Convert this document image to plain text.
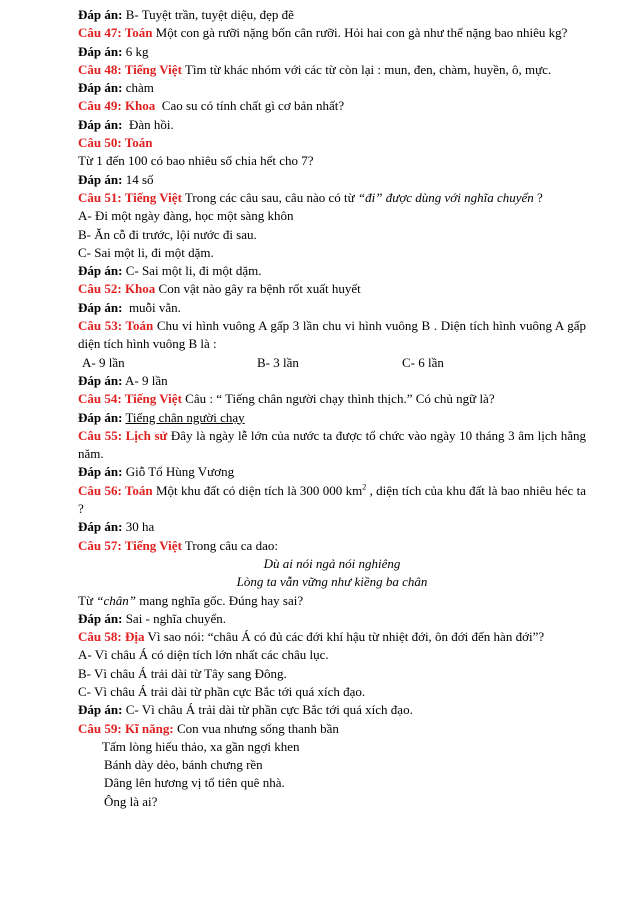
Đáp án: B- Tuyệt trần, tuyệt diệu, đẹp đẽ

Câu 47: Toán Một con gà rưỡi nặng bốn cân rưỡi. Hỏi hai con gà như thế nặng bao nhiêu kg?

Đáp án: 6 kg

Câu 48: Tiếng Việt Tìm từ khác nhóm với các từ còn lại : mun, đen, chàm, huyền, ô, mực.

Đáp án: chàm

Câu 49: Khoa Cao su có tính chất gì cơ bản nhất?

Đáp án: Đàn hồi.

Câu 50: Toán

Từ 1 đến 100 có bao nhiêu số chia hết cho 7?

Đáp án: 14 số

Câu 51: Tiếng Việt Trong các câu sau, câu nào có từ “đi” được dùng với nghĩa chuyển ?

A- Đi một ngày đàng, học một sàng khôn

B- Ăn cỗ đi trước, lội nước đi sau.

C- Sai một li, đi một dặm.

Đáp án: C- Sai một li, đi một dặm.

Câu 52: Khoa Con vật nào gây ra bệnh rốt xuất huyết

Đáp án: muỗi vằn.

Câu 53: Toán Chu vi hình vuông A gấp 3 lần chu vi hình vuông B . Diện tích hình vuông A gấp diện tích hình vuông B là :

A- 9 lần	B- 3 lần	C- 6 lần

Đáp án: A- 9 lần

Câu 54: Tiếng Việt Câu : “ Tiếng chân người chạy thình thịch.” Có chủ ngữ là?

Đáp án: Tiếng chân người chạy

Câu 55: Lịch sử Đây là ngày lễ lớn của nước ta được tổ chức vào ngày 10 tháng 3 âm lịch hằng năm.

Đáp án: Giỗ Tổ Hùng Vương

Câu 56: Toán Một khu đất có diện tích là 300 000 $km^2$ , diện tích của khu đất là bao nhiêu héc ta ?

Đáp án: 30 ha

Câu 57: Tiếng Việt Trong câu ca dao:

Dù ai nói ngả nói nghiêng

Lòng ta vẫn vững như kiềng ba chân

Từ “chân” mang nghĩa gốc. Đúng hay sai?

Đáp án: Sai - nghĩa chuyển.

Câu 58: Địa Vì sao nói: “châu Á có đủ các đới khí hậu từ nhiệt đới, ôn đới đến hàn đới”?

A- Vì châu Á có diện tích lớn nhất các châu lục.

B- Vì châu Á trải dài từ Tây sang Đông.

C- Vì châu Á trải dài từ phần cực Bắc tới quá xích đạo.

Đáp án: C- Vì châu Á trải dài từ phần cực Bắc tới quá xích đạo.

Câu 59: Kĩ năng: Con vua nhưng sống thanh bần

Tấm lòng hiếu thảo, xa gần ngợi khen

Bánh dày dẻo, bánh chưng rền

Dâng lên hương vị tổ tiên quê nhà.

Ông là ai?
